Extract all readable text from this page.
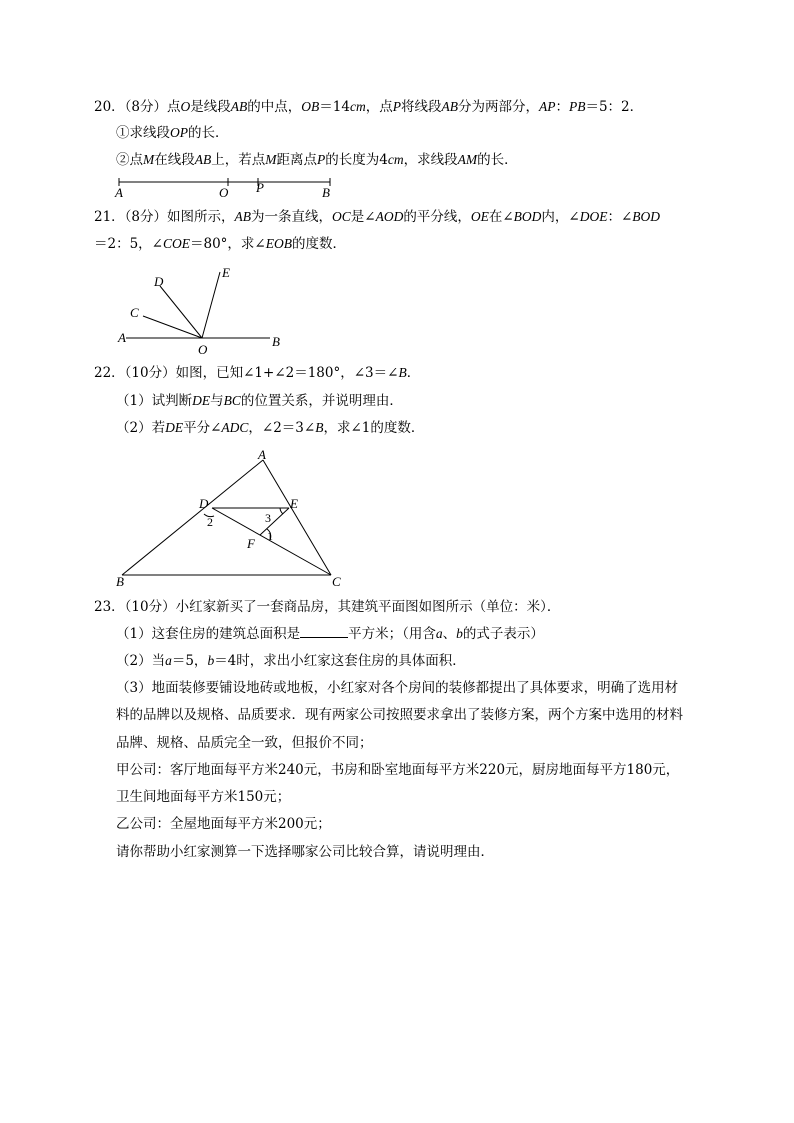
20．（8分）点O是线段AB的中点，OB＝14cm，点P将线段AB分为两部分，AP：PB＝5：2．
①求线段OP的长．
②点M在线段AB上，若点M距离点P的长度为4cm，求线段AM的长．
A	O P	B
21．（8分）如图所示，AB为一条直线，OC是∠AOD的平分线，OE在∠BOD内，∠DOE：∠BOD
＝2：5，∠COE＝80°，求∠EOB的度数．
D
E
C
A
O
B
22．（10分）如图，已知∠1+∠2＝180°，∠3＝∠B．
（1）试判断DE与BC的位置关系，并说明理由．
（2）若DE平分∠ADC，∠2＝3∠B，求∠1的度数．
A
D	E
2	3
F 1
B	C
23．（10分）小红家新买了一套商品房，其建筑平面图如图所示（单位：米）．
（1）这套住房的建筑总面积是	平方米；（用含a、b的式子表示）
（2）当a＝5，b＝4时，求出小红家这套住房的具体面积．
（3）地面装修要铺设地砖或地板，小红家对各个房间的装修都提出了具体要求，明确了选用材
料的品牌以及规格、品质要求．现有两家公司按照要求拿出了装修方案，两个方案中选用的材料
品牌、规格、品质完全一致，但报价不同；
甲公司：客厅地面每平方米240元，书房和卧室地面每平方米220元，厨房地面每平方180元，
卫生间地面每平方米150元；
乙公司：全屋地面每平方米200元；
请你帮助小红家测算一下选择哪家公司比较合算，请说明理由．
